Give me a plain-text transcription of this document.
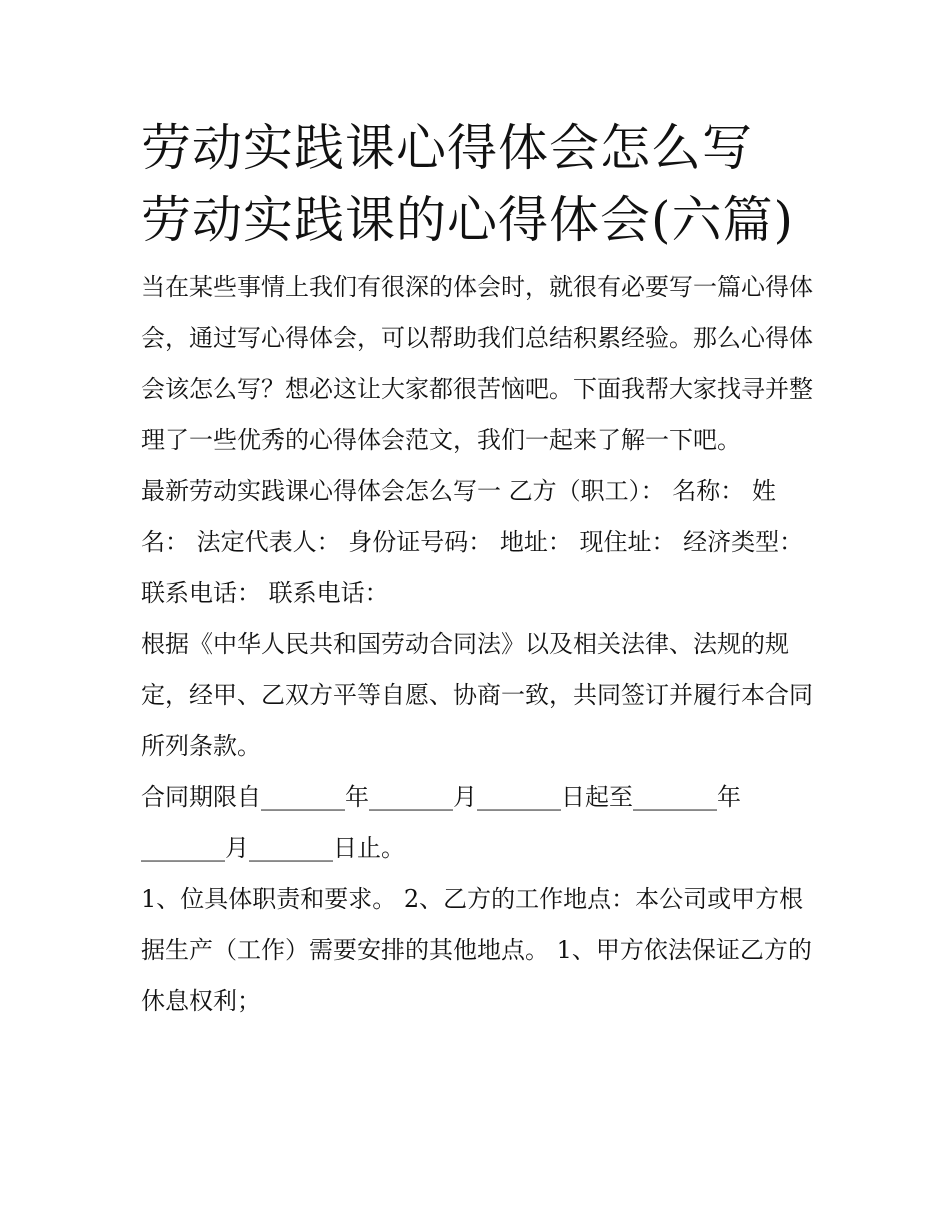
劳动实践课心得体会怎么写 劳动实践课的心得体会(六篇)

当在某些事情上我们有很深的体会时，就很有必要写一篇心得体会，通过写心得体会，可以帮助我们总结积累经验。那么心得体会该怎么写？想必这让大家都很苦恼吧。下面我帮大家找寻并整理了一些优秀的心得体会范文，我们一起来了解一下吧。

最新劳动实践课心得体会怎么写一 乙方（职工）： 名称： 姓名： 法定代表人： 身份证号码： 地址： 现住址： 经济类型： 联系电话： 联系电话：

根据《中华人民共和国劳动合同法》以及相关法律、法规的规定，经甲、乙双方平等自愿、协商一致，共同签订并履行本合同所列条款。

合同期限自_______年_______月_______日起至_______年_______月_______日止。

1、位具体职责和要求。 2、乙方的工作地点：本公司或甲方根据生产（工作）需要安排的其他地点。 1、甲方依法保证乙方的休息权利；
